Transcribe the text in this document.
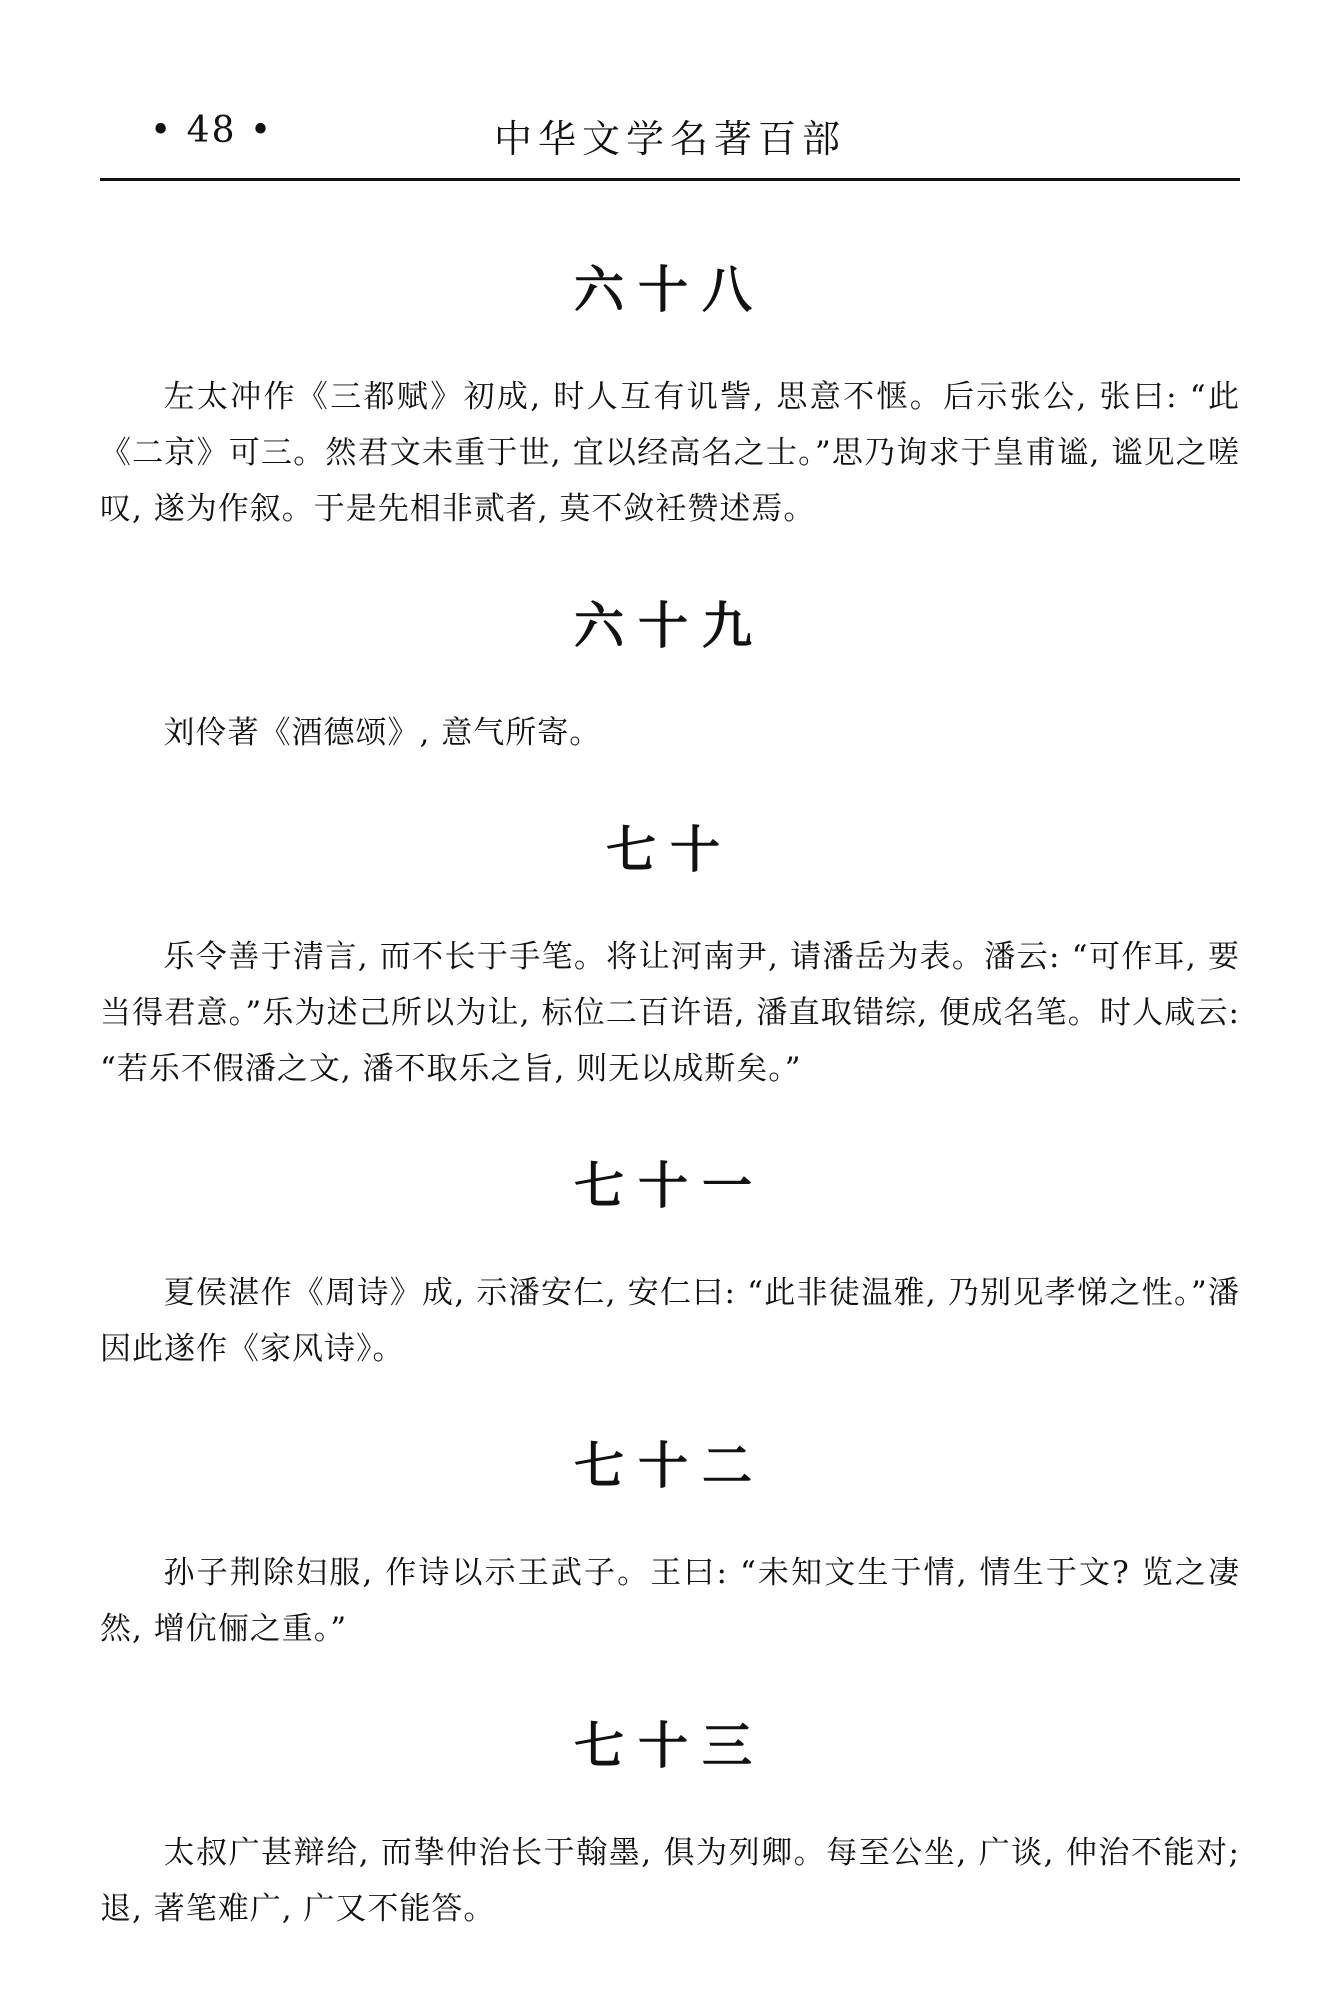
• 48 •	中华文学名著百部
六十八

左太冲作《三都赋》初成, 时人互有讥訾, 思意不惬。后示张公, 张曰: “此《二京》可三。然君文未重于世, 宜以经高名之士。”思乃询求于皇甫谧, 谧见之嗟叹, 遂为作叙。于是先相非贰者, 莫不敛衽赞述焉。

六十九

刘伶著《酒德颂》, 意气所寄。

七十

乐令善于清言, 而不长于手笔。将让河南尹, 请潘岳为表。潘云: “可作耳, 要当得君意。”乐为述己所以为让, 标位二百许语, 潘直取错综, 便成名笔。时人咸云: “若乐不假潘之文, 潘不取乐之旨, 则无以成斯矣。”

七十一

夏侯湛作《周诗》成, 示潘安仁, 安仁曰: “此非徒温雅, 乃别见孝悌之性。”潘因此遂作《家风诗》。

七十二

孙子荆除妇服, 作诗以示王武子。王曰: “未知文生于情, 情生于文? 览之凄然, 增伉俪之重。”

七十三

太叔广甚辩给, 而挚仲治长于翰墨, 俱为列卿。每至公坐, 广谈, 仲治不能对; 退, 著笔难广, 广又不能答。
